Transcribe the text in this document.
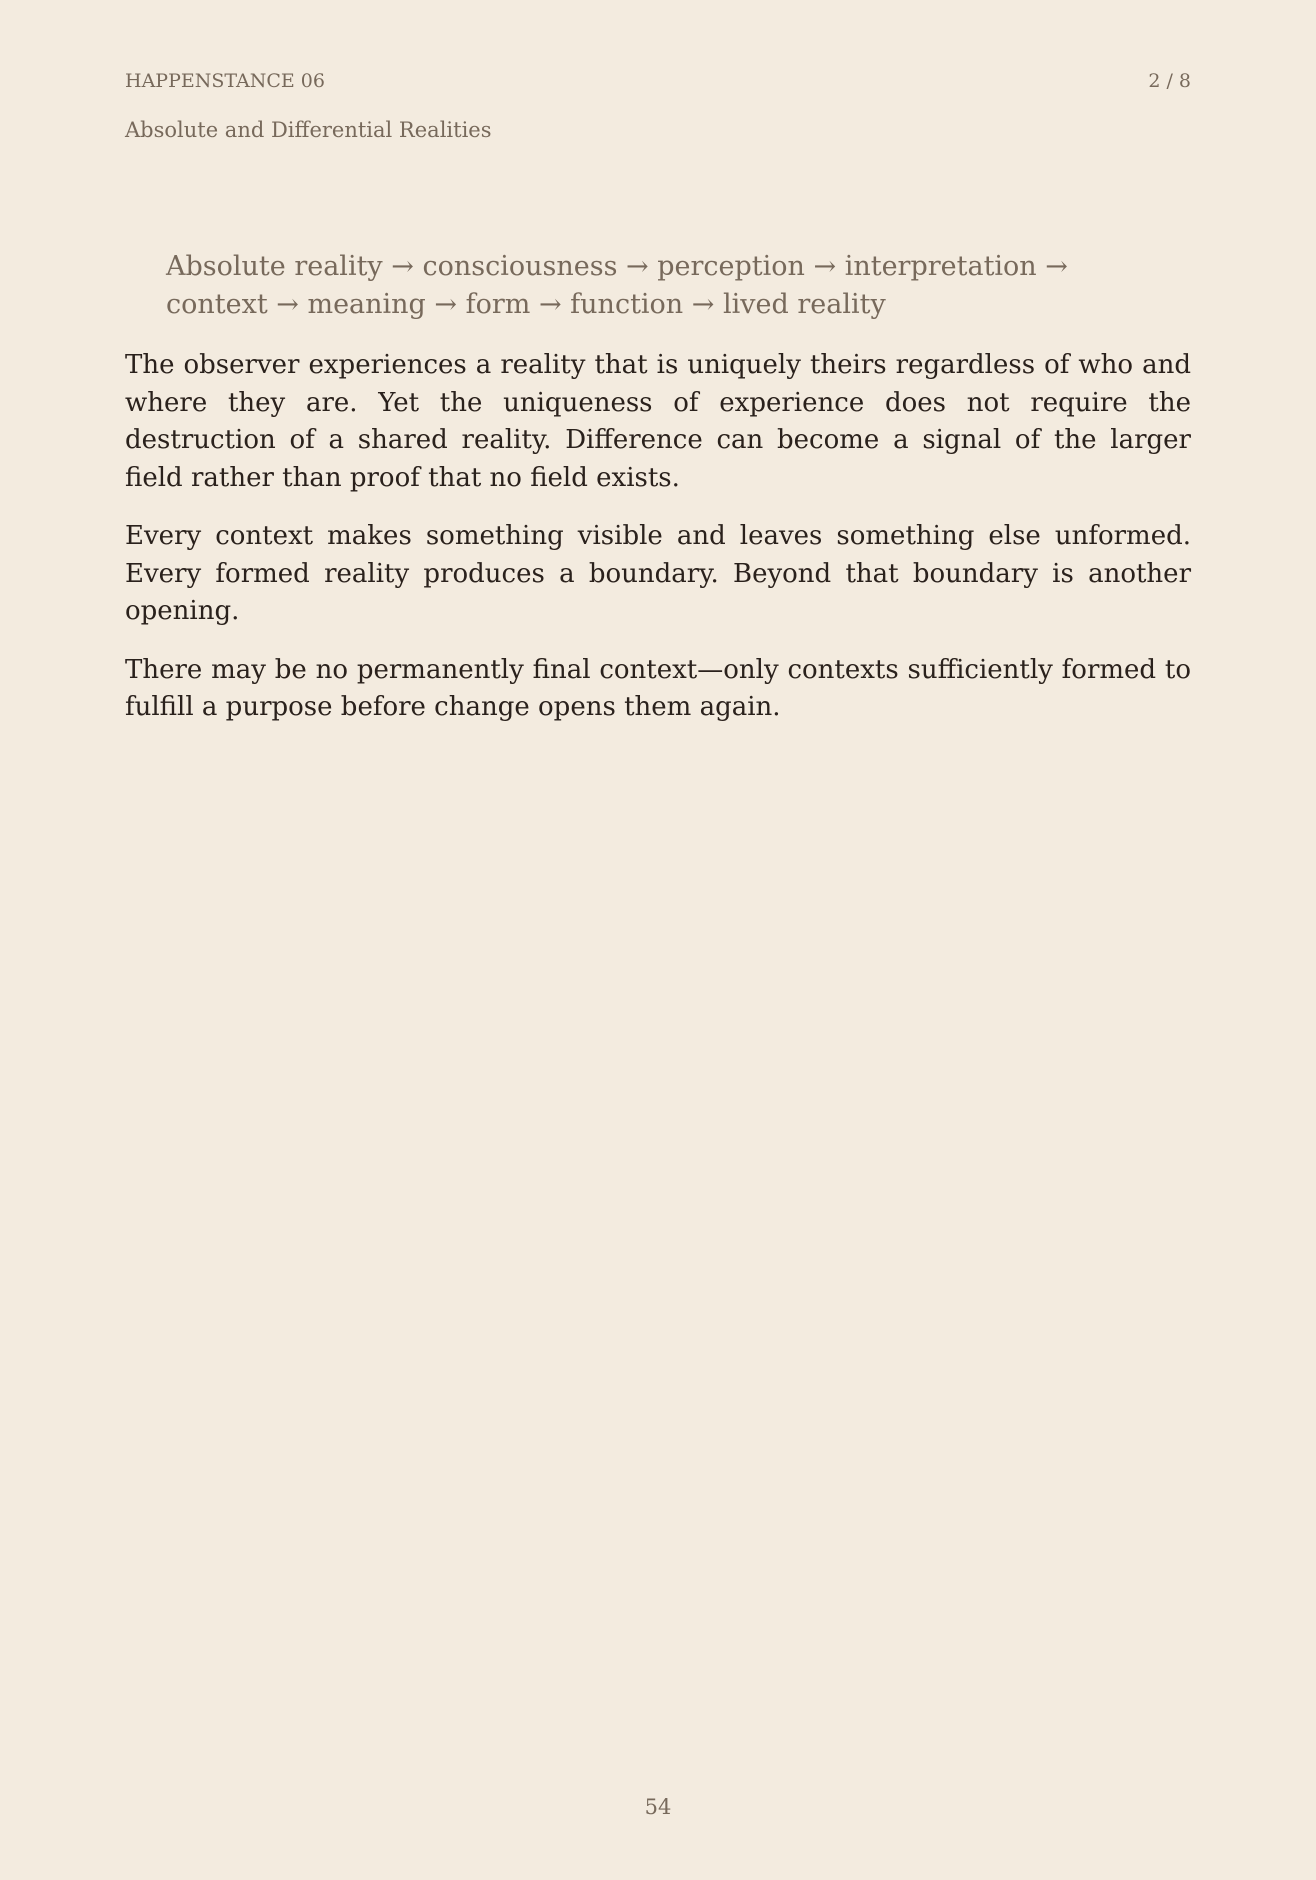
HAPPENSTANCE 06	2 / 8
Absolute and Differential Realities
Absolute reality → consciousness → perception → interpretation →
context → meaning → form → function → lived reality

The observer experiences a reality that is uniquely theirs regardless of who and where they are. Yet the uniqueness of experience does not require the destruction of a shared reality. Difference can become a signal of the larger field rather than proof that no field exists.

Every context makes something visible and leaves something else unformed. Every formed reality produces a boundary. Beyond that boundary is another opening.

There may be no permanently final context—only contexts sufficiently formed to fulfill a purpose before change opens them again.

54
